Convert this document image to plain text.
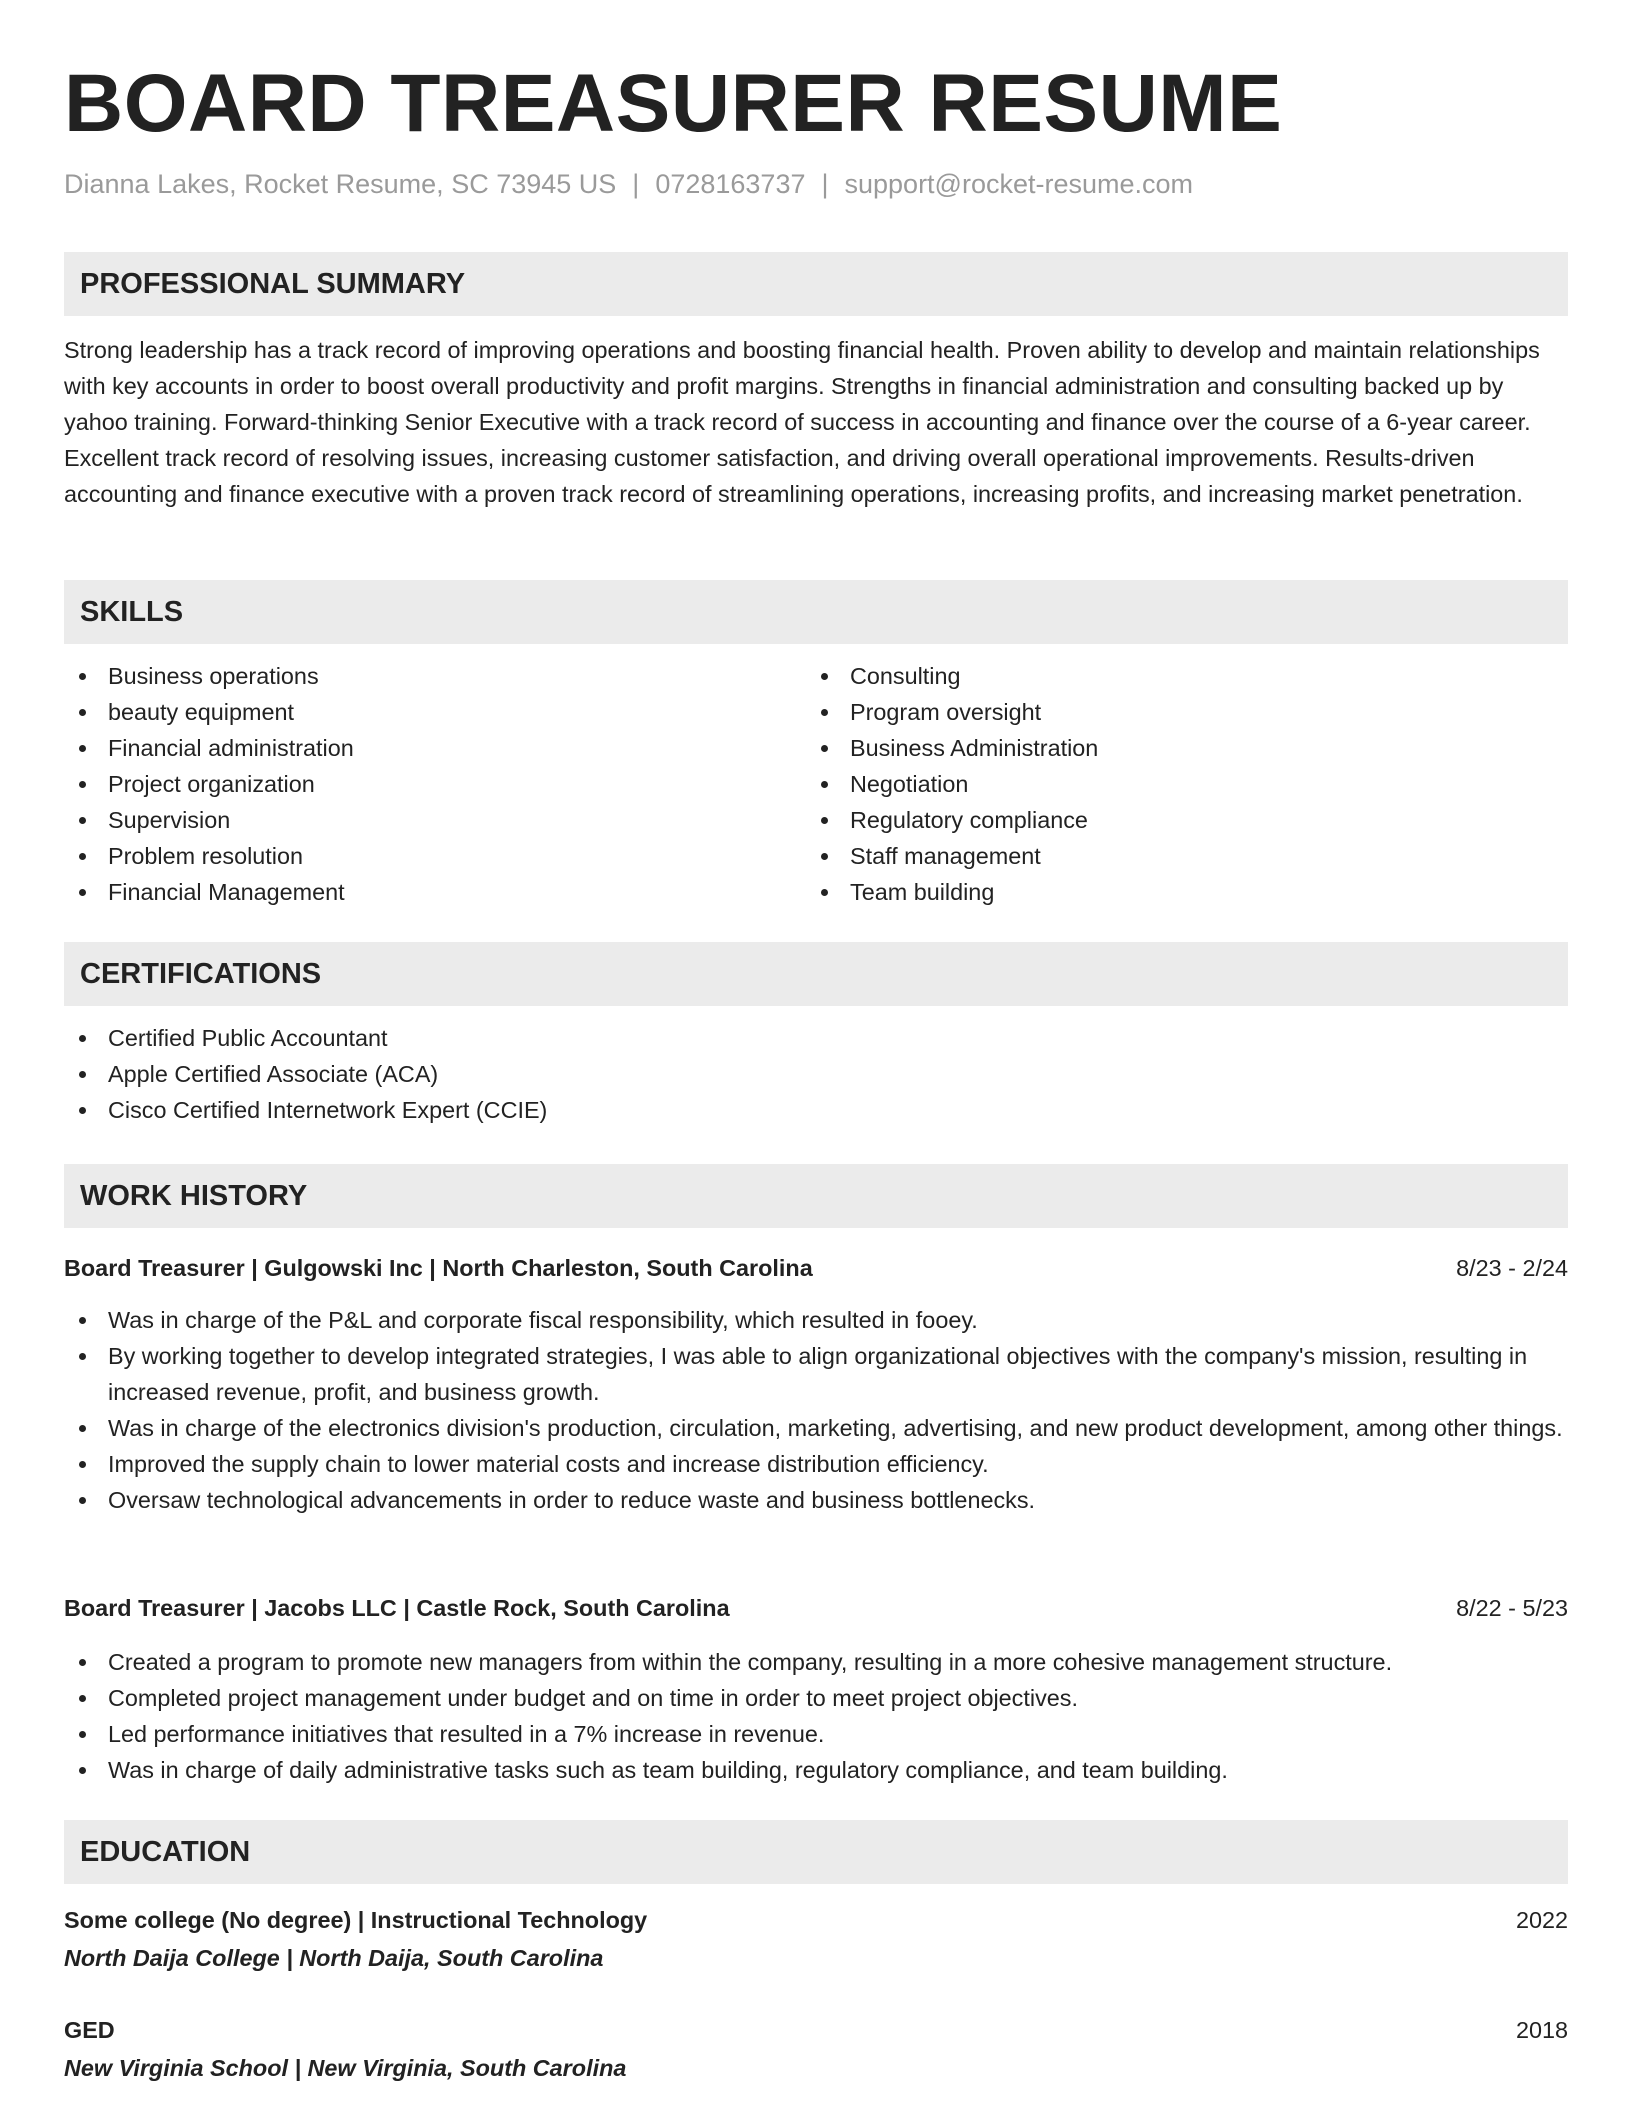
BOARD TREASURER RESUME
Dianna Lakes, Rocket Resume, SC 73945 US | 0728163737 | support@rocket-resume.com
PROFESSIONAL SUMMARY

Strong leadership has a track record of improving operations and boosting financial health. Proven ability to develop and maintain relationships with key accounts in order to boost overall productivity and profit margins. Strengths in financial administration and consulting backed up by yahoo training. Forward-thinking Senior Executive with a track record of success in accounting and finance over the course of a 6-year career. Excellent track record of resolving issues, increasing customer satisfaction, and driving overall operational improvements. Results-driven accounting and finance executive with a proven track record of streamlining operations, increasing profits, and increasing market penetration.

SKILLS
Business operations
beauty equipment
Financial administration
Project organization
Supervision
Problem resolution
Financial Management
Consulting
Program oversight
Business Administration
Negotiation
Regulatory compliance
Staff management
Team building
CERTIFICATIONS
Certified Public Accountant
Apple Certified Associate (ACA)
Cisco Certified Internetwork Expert (CCIE)
WORK HISTORY
Board Treasurer | Gulgowski Inc | North Charleston, South Carolina	8/23 - 2/24
Was in charge of the P&L and corporate fiscal responsibility, which resulted in fooey.
By working together to develop integrated strategies, I was able to align organizational objectives with the company's mission, resulting in increased revenue, profit, and business growth.
Was in charge of the electronics division's production, circulation, marketing, advertising, and new product development, among other things.
Improved the supply chain to lower material costs and increase distribution efficiency.
Oversaw technological advancements in order to reduce waste and business bottlenecks.
Board Treasurer | Jacobs LLC | Castle Rock, South Carolina	8/22 - 5/23
Created a program to promote new managers from within the company, resulting in a more cohesive management structure.
Completed project management under budget and on time in order to meet project objectives.
Led performance initiatives that resulted in a 7% increase in revenue.
Was in charge of daily administrative tasks such as team building, regulatory compliance, and team building.
EDUCATION
Some college (No degree) | Instructional Technology	2022
North Daija College | North Daija, South Carolina
GED	2018
New Virginia School | New Virginia, South Carolina
